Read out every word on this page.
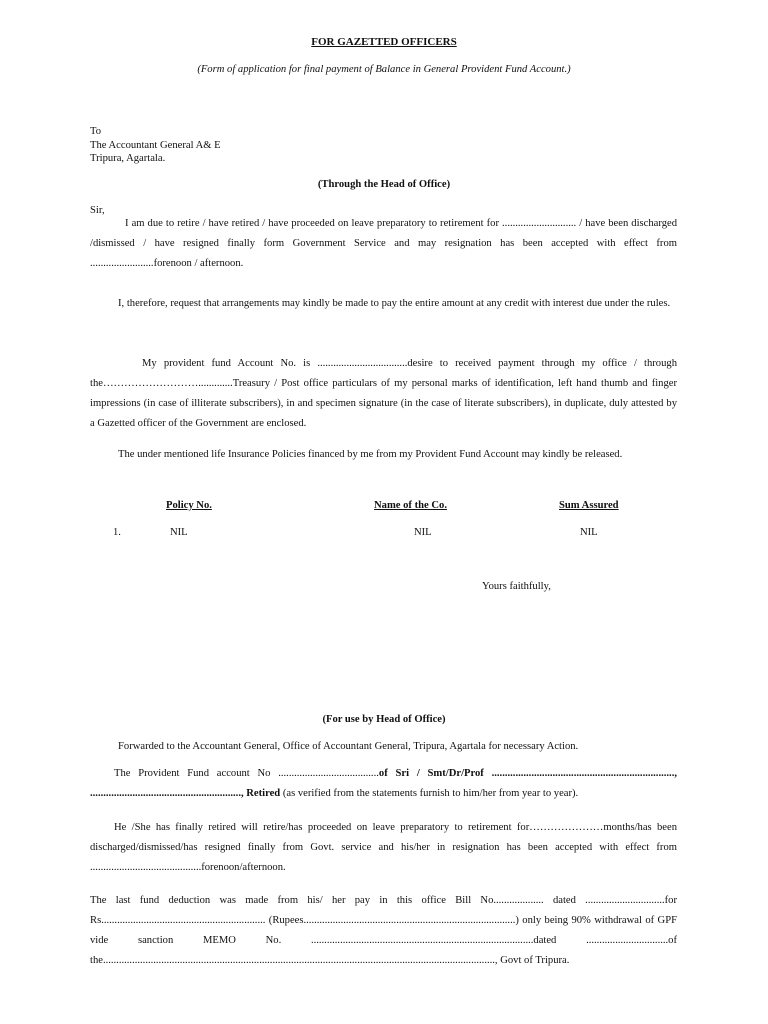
FOR GAZETTED OFFICERS
(Form of application for final payment of Balance in General Provident Fund Account.)
To
The Accountant General A& E
Tripura, Agartala.
(Through the Head of Office)
Sir,

I am due to retire / have retired / have proceeded on leave preparatory to retirement for ............................ / have been discharged /dismissed / have resigned finally form Government Service and may resignation has been accepted with effect from ........................forenoon / afternoon.

I, therefore, request that arrangements may kindly be made to pay the entire amount at any credit with interest due under the rules.

My provident fund Account No. is ..................................desire to received payment through my office / through the……………………….............Treasury / Post office particulars of my personal marks of identification, left hand thumb and finger impressions (in case of illiterate subscribers), in and specimen signature (in the case of literate subscribers), in duplicate, duly attested by a Gazetted officer of the Government are enclosed.

The under mentioned life Insurance Policies financed by me from my Provident Fund Account may kindly be released.

Policy No.	Name of the Co.	Sum Assured
1.	NIL	NIL	NIL
Yours faithfully,
(For use by Head of Office)

Forwarded to the Accountant General, Office of Accountant General, Tripura, Agartala for necessary Action.

The Provident Fund account No ......................................of Sri / Smt/Dr/Prof ....................................................................., ........................................................., Retired (as verified from the statements furnish to him/her from year to year).

He /She has finally retired will retire/has proceeded on leave preparatory to retirement for…………………months/has been discharged/dismissed/has resigned finally from Govt. service and his/her in resignation has been accepted with effect from ..........................................forenoon/afternoon.

The last fund deduction was made from his/ her pay in this office Bill No................... dated ..............................for Rs.............................................................. (Rupees................................................................................) only being 90% withdrawal of GPF vide sanction MEMO No. ....................................................................................dated ...............................of the...................................................................................................................................................., Govt of Tripura.
